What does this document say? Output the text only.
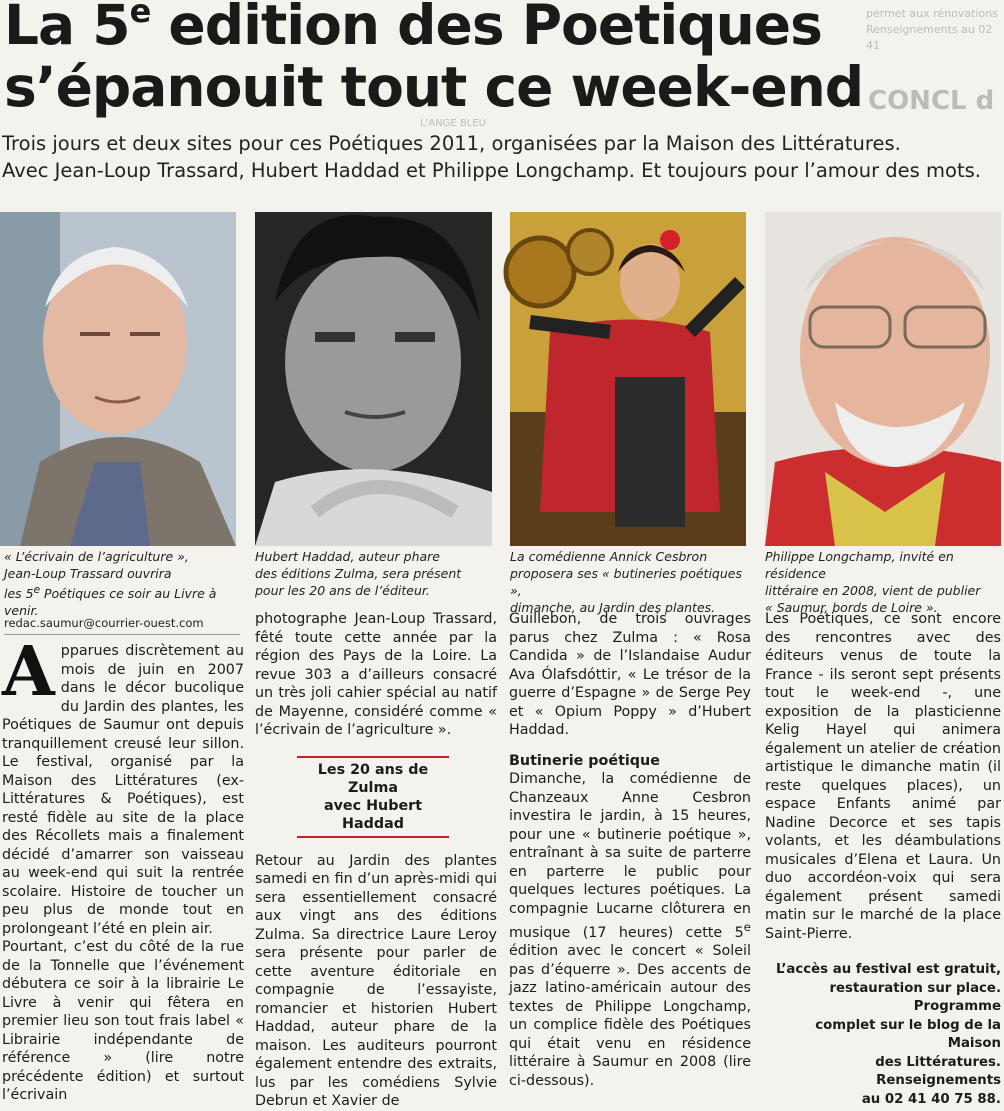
permet aux rénovations
Renseignements au 02 41
L'ANGE BLEU
CONCL d
La 5e edition des Poetiques
s’épanouit tout ce week-end

Trois jours et deux sites pour ces Poétiques 2011, organisées par la Maison des Littératures.
Avec Jean-Loup Trassard, Hubert Haddad et Philippe Longchamp. Et toujours pour l’amour des mots.

« L’écrivain de l’agriculture »,
Jean-Loup Trassard ouvrira
les 5e Poétiques ce soir au Livre à venir.
Hubert Haddad, auteur phare
des éditions Zulma, sera présent
pour les 20 ans de l’éditeur.
La comédienne Annick Cesbron
proposera ses « butineries poétiques »,
dimanche, au Jardin des plantes.
Philippe Longchamp, invité en résidence
littéraire en 2008, vient de publier
« Saumur, bords de Loire ».
redac.saumur@courrier-ouest.com

Apparues discrètement au mois de juin en 2007 dans le décor bucolique du Jardin des plantes, les Poétiques de Saumur ont depuis tranquillement creusé leur sillon. Le festival, organisé par la Maison des Littératures (ex-Littératures & Poétiques), est resté fidèle au site de la place des Récollets mais a finalement décidé d’amarrer son vaisseau au week-end qui suit la rentrée scolaire. Histoire de toucher un peu plus de monde tout en prolongeant l’été en plein air.

Pourtant, c’est du côté de la rue de la Tonnelle que l’événement débutera ce soir à la librairie Le Livre à venir qui fêtera en premier lieu son tout frais label « Librairie indépendante de référence » (lire notre précédente édition) et surtout l’écrivain

photographe Jean-Loup Trassard, fêté toute cette année par la région des Pays de la Loire. La revue 303 a d’ailleurs consacré un très joli cahier spécial au natif de Mayenne, considéré comme « l’écrivain de l’agriculture ».

Les 20 ans de Zulma
avec Hubert Haddad

Retour au Jardin des plantes samedi en fin d’un après-midi qui sera essentiellement consacré aux vingt ans des éditions Zulma. Sa directrice Laure Leroy sera présente pour parler de cette aventure éditoriale en compagnie de l’essayiste, romancier et historien Hubert Haddad, auteur phare de la maison. Les auditeurs pourront également entendre des extraits, lus par les comédiens Sylvie Debrun et Xavier de

Guillebon, de trois ouvrages parus chez Zulma : « Rosa Candida » de l’Islandaise Audur Ava Ólafsdóttir, « Le trésor de la guerre d’Espagne » de Serge Pey et « Opium Poppy » d’Hubert Haddad.

Butinerie poétique

Dimanche, la comédienne de Chanzeaux Anne Cesbron investira le jardin, à 15 heures, pour une « butinerie poétique », entraînant à sa suite de parterre en parterre le public pour quelques lectures poétiques. La compagnie Lucarne clôturera en musique (17 heures) cette 5e édition avec le concert « Soleil pas d’équerre ». Des accents de jazz latino-américain autour des textes de Philippe Longchamp, un complice fidèle des Poétiques qui était venu en résidence littéraire à Saumur en 2008 (lire ci-dessous).

Les Poétiques, ce sont encore des rencontres avec des éditeurs venus de toute la France - ils seront sept présents tout le week-end -, une exposition de la plasticienne Kelig Hayel qui animera également un atelier de création artistique le dimanche matin (il reste quelques places), un espace Enfants animé par Nadine Decorce et ses tapis volants, et les déambulations musicales d’Elena et Laura. Un duo accordéon-voix qui sera également présent samedi matin sur le marché de la place Saint-Pierre.

L’accès au festival est gratuit,
restauration sur place. Programme
complet sur le blog de la Maison
des Littératures. Renseignements
au 02 41 40 75 88.
